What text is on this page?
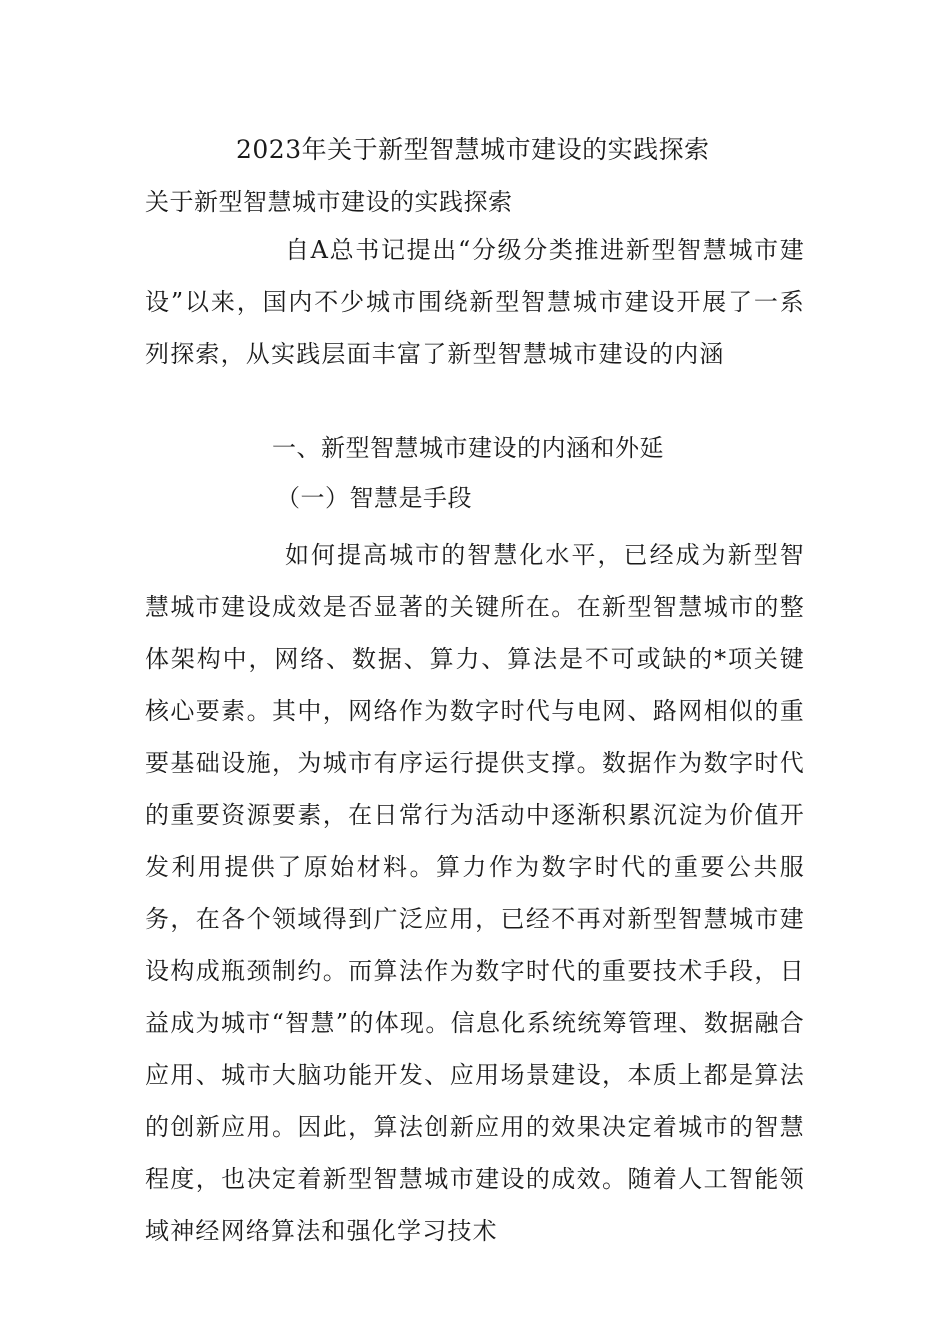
2023年关于新型智慧城市建设的实践探索
关于新型智慧城市建设的实践探索
自A总书记提出“分级分类推进新型智慧城市建设”以来，国内不少城市围绕新型智慧城市建设开展了一系列探索，从实践层面丰富了新型智慧城市建设的内涵
一、新型智慧城市建设的内涵和外延
（一）智慧是手段
如何提高城市的智慧化水平，已经成为新型智慧城市建设成效是否显著的关键所在。在新型智慧城市的整体架构中，网络、数据、算力、算法是不可或缺的*项关键核心要素。其中，网络作为数字时代与电网、路网相似的重要基础设施，为城市有序运行提供支撑。数据作为数字时代的重要资源要素，在日常行为活动中逐渐积累沉淀为价值开发利用提供了原始材料。算力作为数字时代的重要公共服务，在各个领域得到广泛应用，已经不再对新型智慧城市建设构成瓶颈制约。而算法作为数字时代的重要技术手段，日益成为城市“智慧”的体现。信息化系统统筹管理、数据融合应用、城市大脑功能开发、应用场景建设，本质上都是算法的创新应用。因此，算法创新应用的效果决定着城市的智慧程度，也决定着新型智慧城市建设的成效。随着人工智能领域神经网络算法和强化学习技术
